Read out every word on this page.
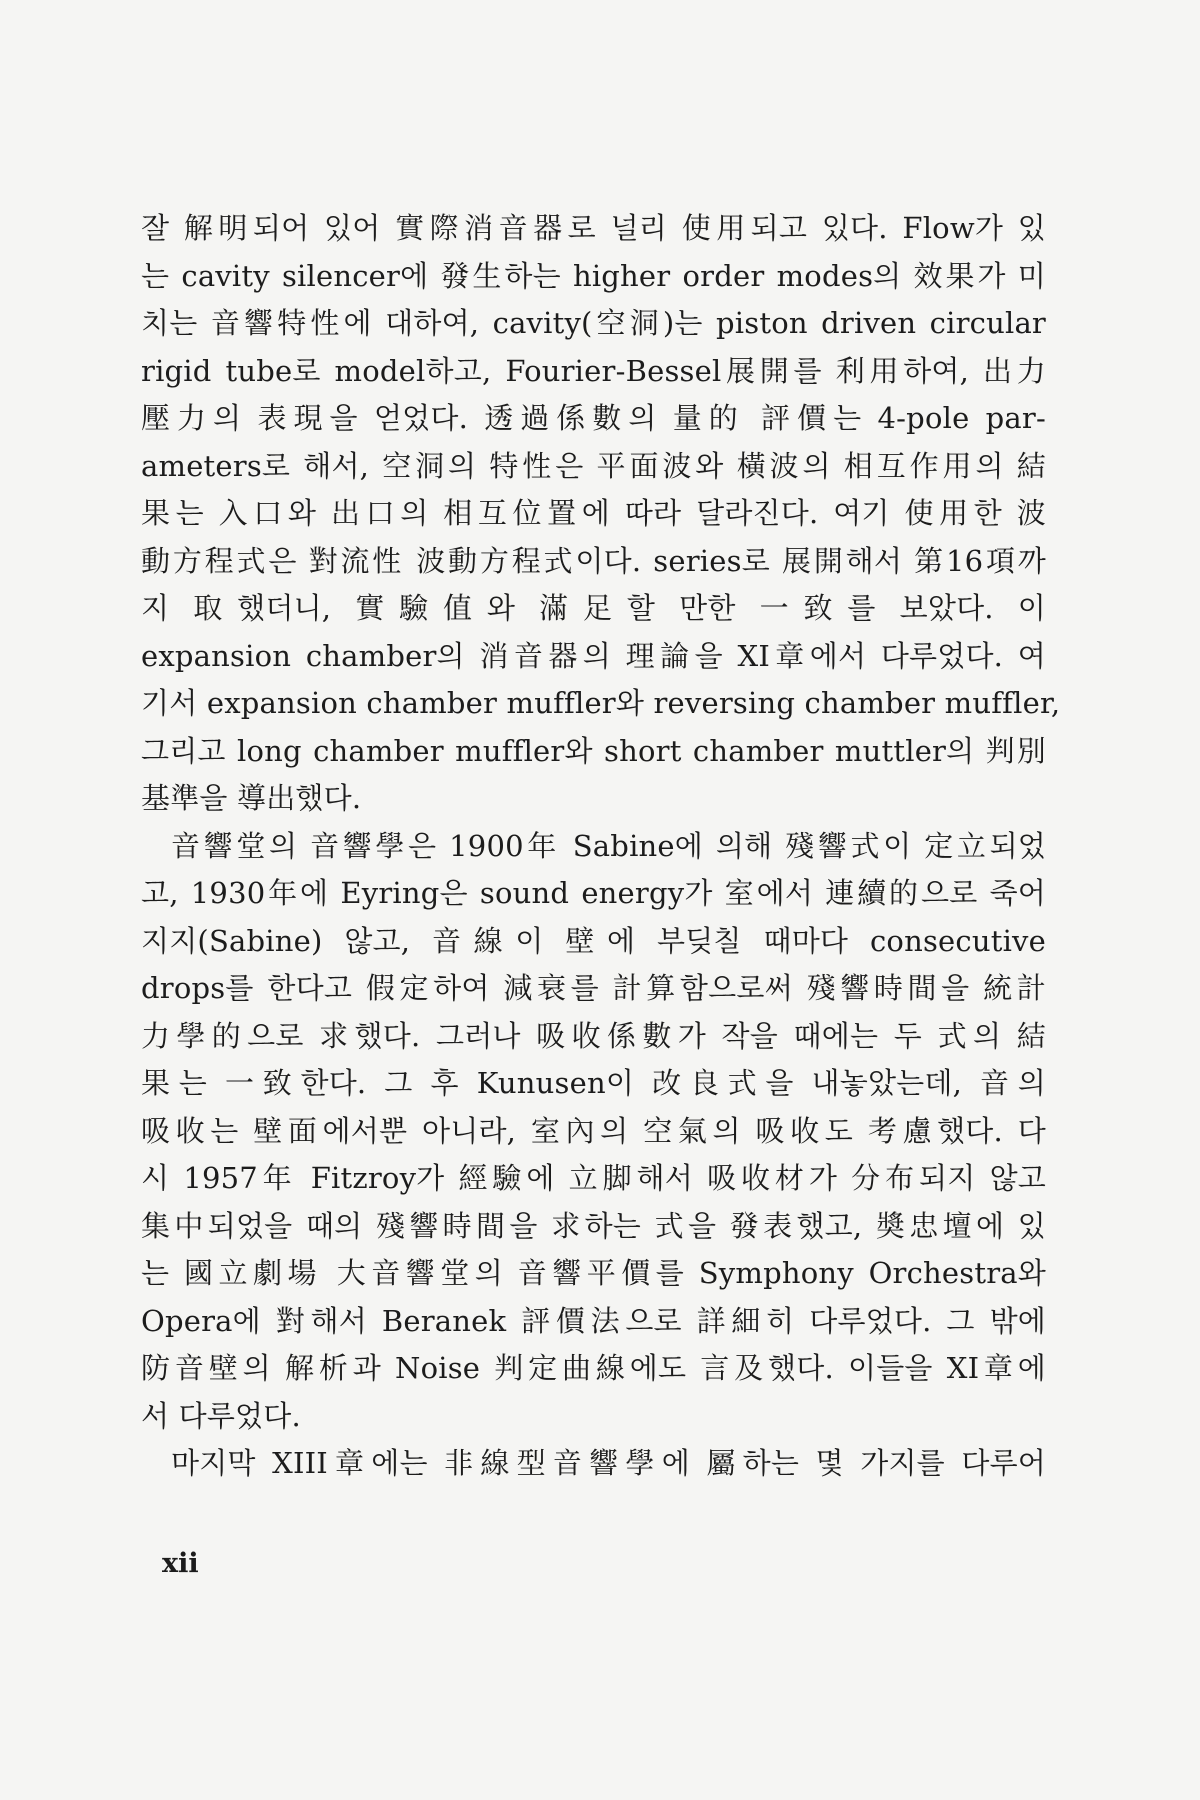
잘 解明되어 있어 實際消音器로 널리 使用되고 있다. Flow가 있
는 cavity silencer에 發生하는 higher order modes의 效果가 미
치는 音響特性에 대하여, cavity(空洞)는 piston driven circular
rigid tube로 model하고, Fourier-Bessel展開를 利用하여, 出力
壓力의 表現을 얻었다. 透過係數의 量的 評價는 4-pole par-
ameters로 해서, 空洞의 特性은 平面波와 橫波의 相互作用의 結
果는 入口와 出口의 相互位置에 따라 달라진다. 여기 使用한 波
動方程式은 對流性 波動方程式이다. series로 展開해서 第16項까
지 取했더니, 實驗值와 滿足할 만한 一致를 보았다. 이
expansion chamber의 消音器의 理論을 XI章에서 다루었다. 여
기서 expansion chamber muffler와 reversing chamber muffler,
그리고 long chamber muffler와 short chamber muttler의 判別
基準을 導出했다.
音響堂의 音響學은 1900年 Sabine에 의해 殘響式이 定立되었
고, 1930年에 Eyring은 sound energy가 室에서 連續的으로 죽어
지지(Sabine) 않고, 音線이 壁에 부딪칠 때마다 consecutive
drops를 한다고 假定하여 減衰를 計算함으로써 殘響時間을 統計
力學的으로 求했다. 그러나 吸收係數가 작을 때에는 두 式의 結
果는 一致한다. 그 후 Kunusen이 改良式을 내놓았는데, 音의
吸收는 壁面에서뿐 아니라, 室內의 空氣의 吸收도 考慮했다. 다
시 1957年 Fitzroy가 經驗에 立脚해서 吸收材가 分布되지 않고
集中되었을 때의 殘響時間을 求하는 式을 發表했고, 奬忠壇에 있
는 國立劇場 大音響堂의 音響平價를 Symphony Orchestra와
Opera에 對해서 Beranek 評價法으로 詳細히 다루었다. 그 밖에
防音壁의 解析과 Noise 判定曲線에도 言及했다. 이들을 XI章에
서 다루었다.
마지막 XIII章에는 非線型音響學에 屬하는 몇 가지를 다루어
xii
